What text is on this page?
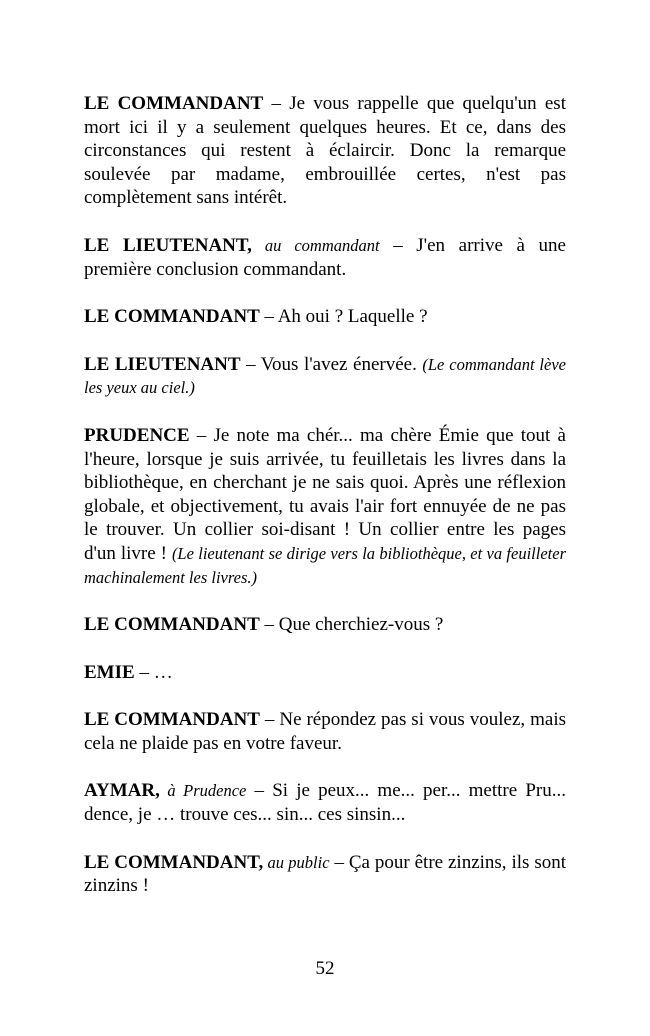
LE COMMANDANT – Je vous rappelle que quelqu'un est mort ici il y a seulement quelques heures. Et ce, dans des circonstances qui restent à éclaircir. Donc la remarque soulevée par madame, embrouillée certes, n'est pas complètement sans intérêt.

LE LIEUTENANT, au commandant – J'en arrive à une première conclusion commandant.

LE COMMANDANT – Ah oui ? Laquelle ?

LE LIEUTENANT – Vous l'avez énervée. (Le commandant lève les yeux au ciel.)

PRUDENCE – Je note ma chér... ma chère Émie que tout à l'heure, lorsque je suis arrivée, tu feuilletais les livres dans la bibliothèque, en cherchant je ne sais quoi. Après une réflexion globale, et objectivement, tu avais l'air fort ennuyée de ne pas le trouver. Un collier soi-disant ! Un collier entre les pages d'un livre ! (Le lieutenant se dirige vers la bibliothèque, et va feuilleter machinalement les livres.)

LE COMMANDANT – Que cherchiez-vous ?

EMIE – …

LE COMMANDANT – Ne répondez pas si vous voulez, mais cela ne plaide pas en votre faveur.

AYMAR, à Prudence – Si je peux... me... per... mettre Pru... dence, je … trouve ces... sin... ces sinsin...

LE COMMANDANT, au public – Ça pour être zinzins, ils sont zinzins !

52
